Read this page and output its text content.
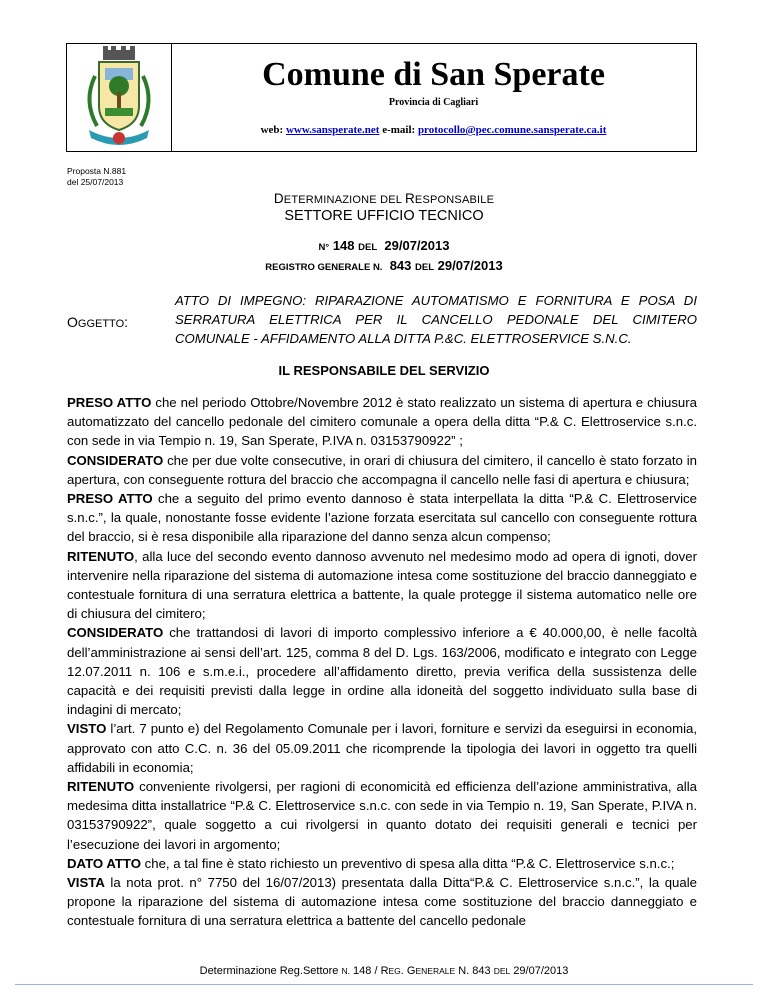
Comune di San Sperate
Provincia di Cagliari
web: www.sansperate.net e-mail: protocollo@pec.comune.sansperate.ca.it
Proposta N.881
del 25/07/2013
DETERMINAZIONE DEL RESPONSABILE
SETTORE UFFICIO TECNICO
N° 148 DEL 29/07/2013
REGISTRO GENERALE N. 843 DEL 29/07/2013
OGGETTO:
ATTO DI IMPEGNO: RIPARAZIONE AUTOMATISMO E FORNITURA E POSA DI SERRATURA ELETTRICA PER IL CANCELLO PEDONALE DEL CIMITERO COMUNALE - AFFIDAMENTO ALLA DITTA P.&C. ELETTROSERVICE S.N.C.
IL RESPONSABILE DEL SERVIZIO

PRESO ATTO che nel periodo Ottobre/Novembre 2012 è stato realizzato un sistema di apertura e chiusura automatizzato del cancello pedonale del cimitero comunale a opera della ditta “P.& C. Elettroservice s.n.c. con sede in via Tempio n. 19, San Sperate, P.IVA n. 03153790922” ;

CONSIDERATO che per due volte consecutive, in orari di chiusura del cimitero, il cancello è stato forzato in apertura, con conseguente rottura del braccio che accompagna il cancello nelle fasi di apertura e chiusura;

PRESO ATTO che a seguito del primo evento dannoso è stata interpellata la ditta “P.& C. Elettroservice s.n.c.”, la quale, nonostante fosse evidente l’azione forzata esercitata sul cancello con conseguente rottura del braccio, si è resa disponibile alla riparazione del danno senza alcun compenso;

RITENUTO, alla luce del secondo evento dannoso avvenuto nel medesimo modo ad opera di ignoti, dover intervenire nella riparazione del sistema di automazione intesa come sostituzione del braccio danneggiato e contestuale fornitura di una serratura elettrica a battente, la quale protegge il sistema automatico nelle ore di chiusura del cimitero;

CONSIDERATO che trattandosi di lavori di importo complessivo inferiore a € 40.000,00, è nelle facoltà dell’amministrazione ai sensi dell’art. 125, comma 8 del D. Lgs. 163/2006, modificato e integrato con Legge 12.07.2011 n. 106 e s.m.e.i., procedere all’affidamento diretto, previa verifica della sussistenza delle capacità e dei requisiti previsti dalla legge in ordine alla idoneità del soggetto individuato sulla base di indagini di mercato;

VISTO l’art. 7 punto e) del Regolamento Comunale per i lavori, forniture e servizi da eseguirsi in economia, approvato con atto C.C. n. 36 del 05.09.2011 che ricomprende la tipologia dei lavori in oggetto tra quelli affidabili in economia;

RITENUTO conveniente rivolgersi, per ragioni di economicità ed efficienza dell’azione amministrativa, alla medesima ditta installatrice “P.& C. Elettroservice s.n.c. con sede in via Tempio n. 19, San Sperate, P.IVA n. 03153790922”, quale soggetto a cui rivolgersi in quanto dotato dei requisiti generali e tecnici per l’esecuzione dei lavori in argomento;

DATO ATTO che, a tal fine è stato richiesto un preventivo di spesa alla ditta “P.& C. Elettroservice s.n.c.;

VISTA la nota prot. n° 7750 del 16/07/2013) presentata dalla Ditta“P.& C. Elettroservice s.n.c.”, la quale propone la riparazione del sistema di automazione intesa come sostituzione del braccio danneggiato e contestuale fornitura di una serratura elettrica a battente del cancello pedonale

Determinazione Reg.Settore N. 148 / REG. GENERALE N. 843 DEL 29/07/2013
